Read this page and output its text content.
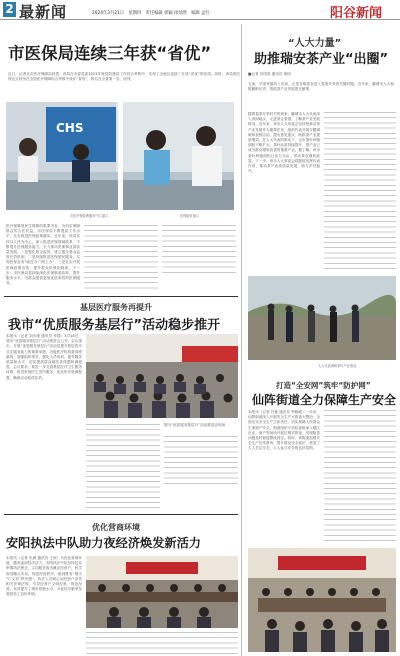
2 最新闻	2024年3月21日　星期四　责任编辑 郭颖 徐灿然　编辑 孟红	阳谷新闻
市医保局连续三年获“省优”
近日，记者从市医疗保障局获悉，该局在市委党委2023年度党的建设工作综合考核中，实现了全地区连续三年获“省优”的佳绩。同时，该局的医保定点药房在全国医疗保障综合考核中获评“省优”，排名在全省第一名、前列。
CHS
市医疗保险费服务中心窗口	医保服务窗口
医疗保障是民生保障的重要内容，为切实保障群众的合法权益，市医保局不断提高工作水平，扎实推进医保政策落实。近年来，该局坚持以人民为中心，深入推进医保领域改革，不断提升医保服务能力，全力推动医保事业高质量发展。一是强化基金监管，建立健全基金监管长效机制；二是持续推进医保便民服务，实现医保业务“就近办”“网上办”；三是扎实开展医保政策宣传，提升群众医保知晓率。下一步，市医保局将持续深化医保制度改革，提升服务水平，为群众提供更加优质高效的医保服务。
“人大力量”
助推瑞安茶产业“出圈”
■记者 肖国英 通讯员 黄扬
当前，早茶采摘初上市前，正是各镇茶农进入春茶开采的关键时期。近年来，聊城市人大积极履职尽责，围绕茶产业发展建言献策。
随着春茶开采时节的到来，聊城市人大代表深入田间地头，走进茶企茶园，了解茶产业发展情况。近年来，该市人大常委会坚持把推动茶产业发展作为重要任务，组织代表开展专题调研和视察活动，提出意见建议，助推茶产业提质增效。在人大代表的推动下，全市茶叶种植面积不断扩大，茶叶品质持续提升，茶产业已成为群众增收致富的重要产业。据了解，该市茶叶种植面积已达万余亩，带动茶农增收致富。下一步，该市人大常委会将继续发挥代表作用，推动茶产业高质量发展，助力乡村振兴。
人大代表调研茶叶产业情况
基层医疗服务再提升
我市“优质服务基层行”活动稳步推开
本报讯（记者 刘永康 通讯员 李翔）3月18日，我市“优质服务基层行”活动推进会召开。会议指出，开展“优质服务基层行”活动是提升基层医疗卫生服务能力的重要举措，各级医疗机构要高度重视，加强组织领导，强化人员培训，提升服务质量和水平，切实提高群众就医获得感和满意度。会议要求，要进一步完善基层医疗卫生服务体系，推进家庭医生签约服务，优化医疗资源配置，确保活动取得实效。
图为“优质服务基层行”活动推进会现场
打造“全安网”筑牢“防护网”
仙阵街道全力保障生产安全
本报讯（记者 吕艳 通讯员 李晓敏）一年来，仙阵街道深入开展安全生产大排查大整治，全面压实安全生产主体责任，切实保障人民群众生命财产安全。街道组织专项检查组深入辖区企业、商户等场所开展拉网式排查，发现隐患问题及时督促整改到位。同时，该街道加强安全生产宣传教育，提升群众安全意识，营造了人人关注安全、人人参与安全的良好氛围。
优化营商环境
安阳执法中队助力夜经济焕发新活力
本报讯（记者 朱满 通讯员 王欣）为优化营商环境，激发夜间经济活力，安阳执法中队坚持包容审慎执法理念，主动服务夜市摊点经营户，科学规划摊点布局，规范经营秩序，做到既有“烟火气”又有“秩序感”。执法人员耐心向经营户宣传相关法律法规，引导经营户文明经营、规范经营，有效提升了城市管理水平，为夜经济繁荣发展营造了良好环境。
